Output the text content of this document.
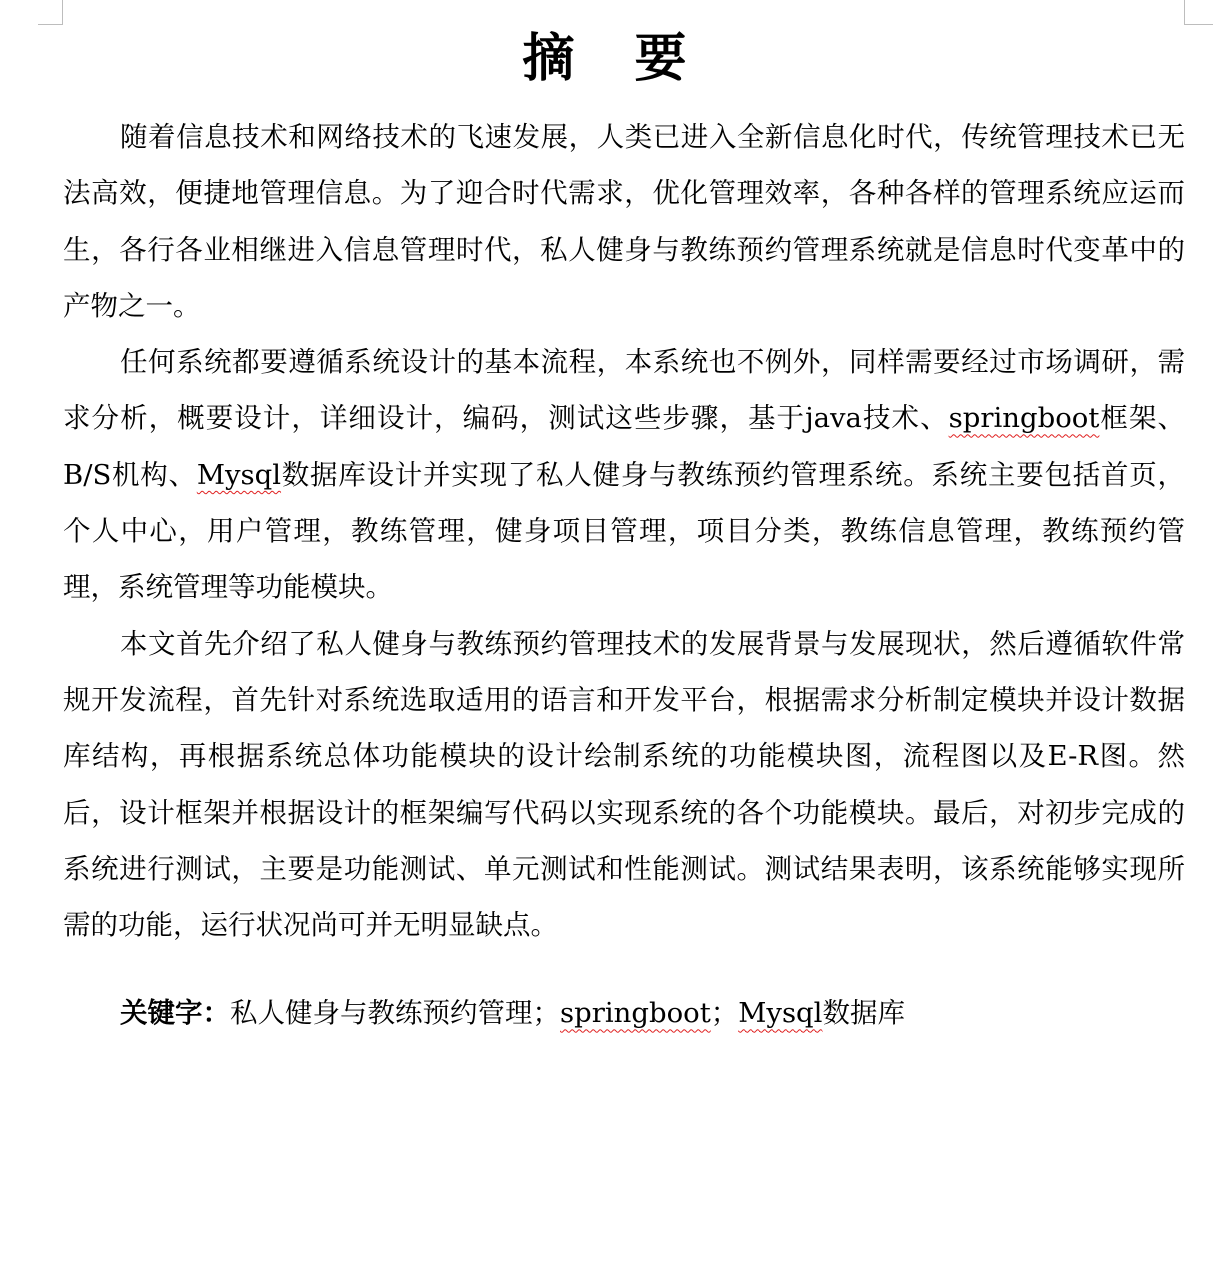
摘　要

随着信息技术和网络技术的飞速发展，人类已进入全新信息化时代，传统管理技术已无法高效，便捷地管理信息。为了迎合时代需求，优化管理效率，各种各样的管理系统应运而生，各行各业相继进入信息管理时代，私人健身与教练预约管理系统就是信息时代变革中的产物之一。

任何系统都要遵循系统设计的基本流程，本系统也不例外，同样需要经过市场调研，需求分析，概要设计，详细设计，编码，测试这些步骤，基于java技术、springboot框架、B/S机构、Mysql数据库设计并实现了私人健身与教练预约管理系统。系统主要包括首页，个人中心，用户管理，教练管理，健身项目管理，项目分类，教练信息管理，教练预约管理，系统管理等功能模块。

本文首先介绍了私人健身与教练预约管理技术的发展背景与发展现状，然后遵循软件常规开发流程，首先针对系统选取适用的语言和开发平台，根据需求分析制定模块并设计数据库结构，再根据系统总体功能模块的设计绘制系统的功能模块图，流程图以及E-R图。然后，设计框架并根据设计的框架编写代码以实现系统的各个功能模块。最后，对初步完成的系统进行测试，主要是功能测试、单元测试和性能测试。测试结果表明，该系统能够实现所需的功能，运行状况尚可并无明显缺点。

关键字：私人健身与教练预约管理；springboot；Mysql数据库
